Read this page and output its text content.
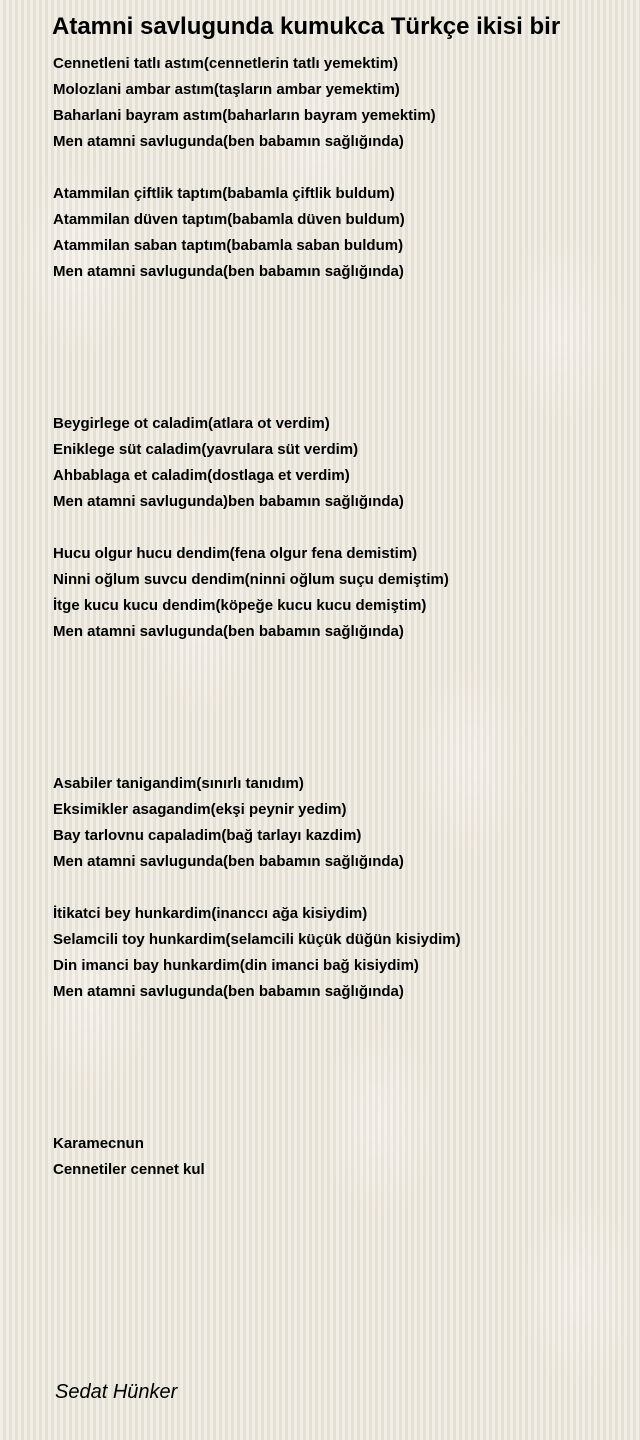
Atamni savlugunda kumukca Türkçe ikisi bir
Cennetleni tatlı astım(cennetlerin tatlı yemektim)
Molozlani ambar astım(taşların ambar yemektim)
Baharlani bayram astım(baharların bayram yemektim)
Men atamni savlugunda(ben babamın sağlığında)
Atammilan çiftlik taptım(babamla çiftlik buldum)
Atammilan düven taptım(babamla düven buldum)
Atammilan saban taptım(babamla saban buldum)
Men atamni savlugunda(ben babamın sağlığında)
Beygirlege ot caladim(atlara ot verdim)
Eniklege süt caladim(yavrulara süt verdim)
Ahbablaga et caladim(dostlaga et verdim)
Men atamni savlugunda)ben babamın sağlığında)
Hucu olgur hucu dendim(fena olgur fena demistim)
Ninni oğlum suvcu dendim(ninni oğlum suçu demiştim)
İtge kucu kucu dendim(köpeğe kucu kucu demiştim)
Men atamni savlugunda(ben babamın sağlığında)
Asabiler tanigandim(sınırlı tanıdım)
Eksimikler asagandim(ekşi peynir yedim)
Bay tarlovnu capaladim(bağ tarlayı kazdim)
Men atamni savlugunda(ben babamın sağlığında)
İtikatci bey hunkardim(inanccı ağa kisiydim)
Selamcili toy hunkardim(selamcili küçük düğün kisiydim)
Din imanci bay hunkardim(din imanci bağ kisiydim)
Men atamni savlugunda(ben babamın sağlığında)
Karamecnun
Cennetiler cennet kul
Sedat Hünker
